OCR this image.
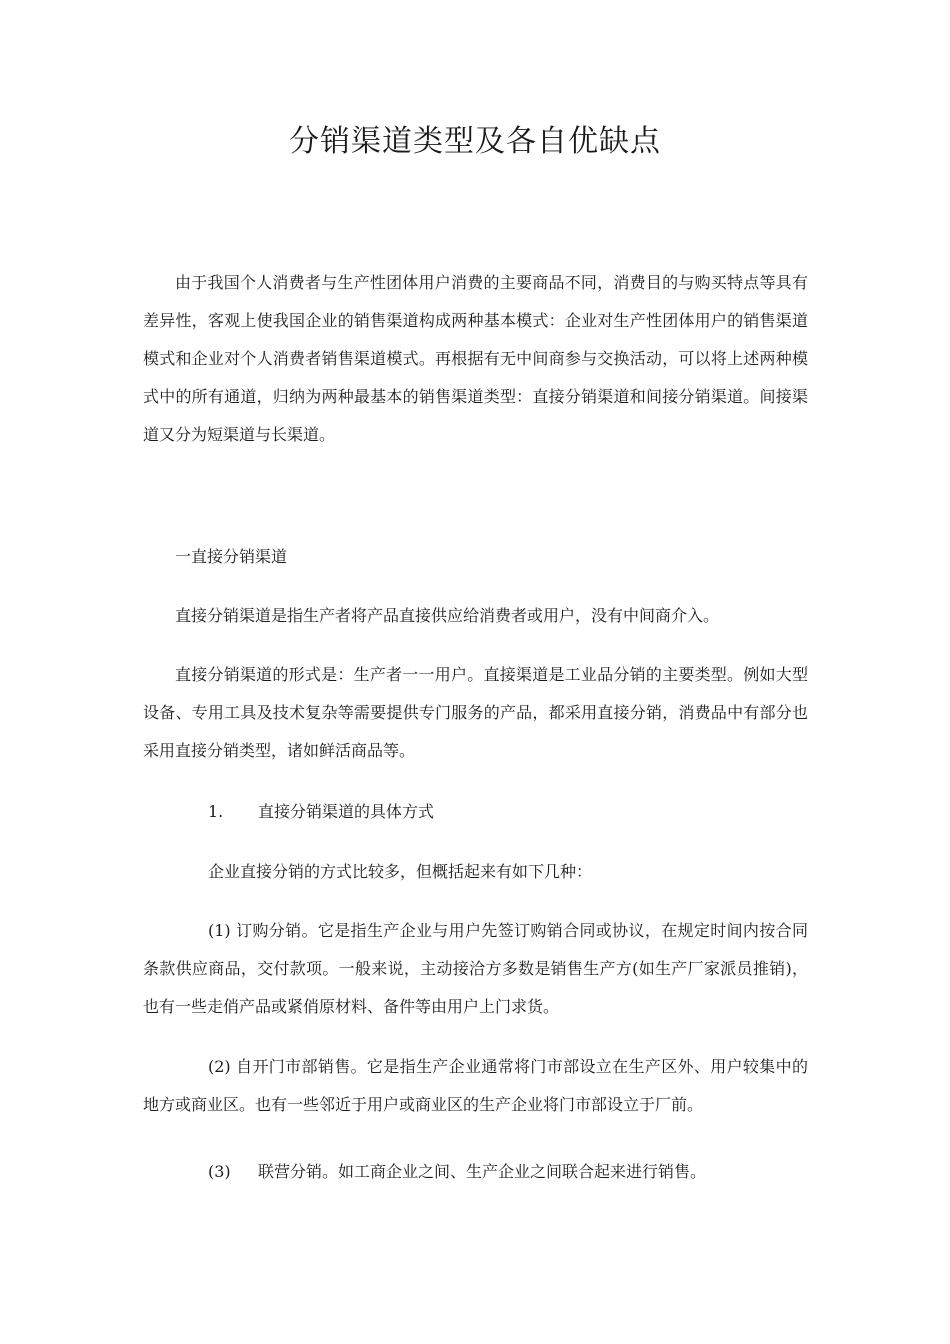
分销渠道类型及各自优缺点

由于我国个人消费者与生产性团体用户消费的主要商品不同，消费目的与购买特点等具有差异性，客观上使我国企业的销售渠道构成两种基本模式：企业对生产性团体用户的销售渠道模式和企业对个人消费者销售渠道模式。再根据有无中间商参与交换活动，可以将上述两种模式中的所有通道，归纳为两种最基本的销售渠道类型：直接分销渠道和间接分销渠道。间接渠道又分为短渠道与长渠道。

一直接分销渠道

直接分销渠道是指生产者将产品直接供应给消费者或用户，没有中间商介入。

直接分销渠道的形式是：生产者一一用户。直接渠道是工业品分销的主要类型。例如大型设备、专用工具及技术复杂等需要提供专门服务的产品，都采用直接分销，消费品中有部分也采用直接分销类型，诸如鲜活商品等。

1. 直接分销渠道的具体方式

企业直接分销的方式比较多，但概括起来有如下几种：

(1) 订购分销。它是指生产企业与用户先签订购销合同或协议，在规定时间内按合同条款供应商品，交付款项。一般来说，主动接洽方多数是销售生产方(如生产厂家派员推销)，也有一些走俏产品或紧俏原材料、备件等由用户上门求货。

(2) 自开门市部销售。它是指生产企业通常将门市部设立在生产区外、用户较集中的地方或商业区。也有一些邻近于用户或商业区的生产企业将门市部设立于厂前。

(3) 联营分销。如工商企业之间、生产企业之间联合起来进行销售。
